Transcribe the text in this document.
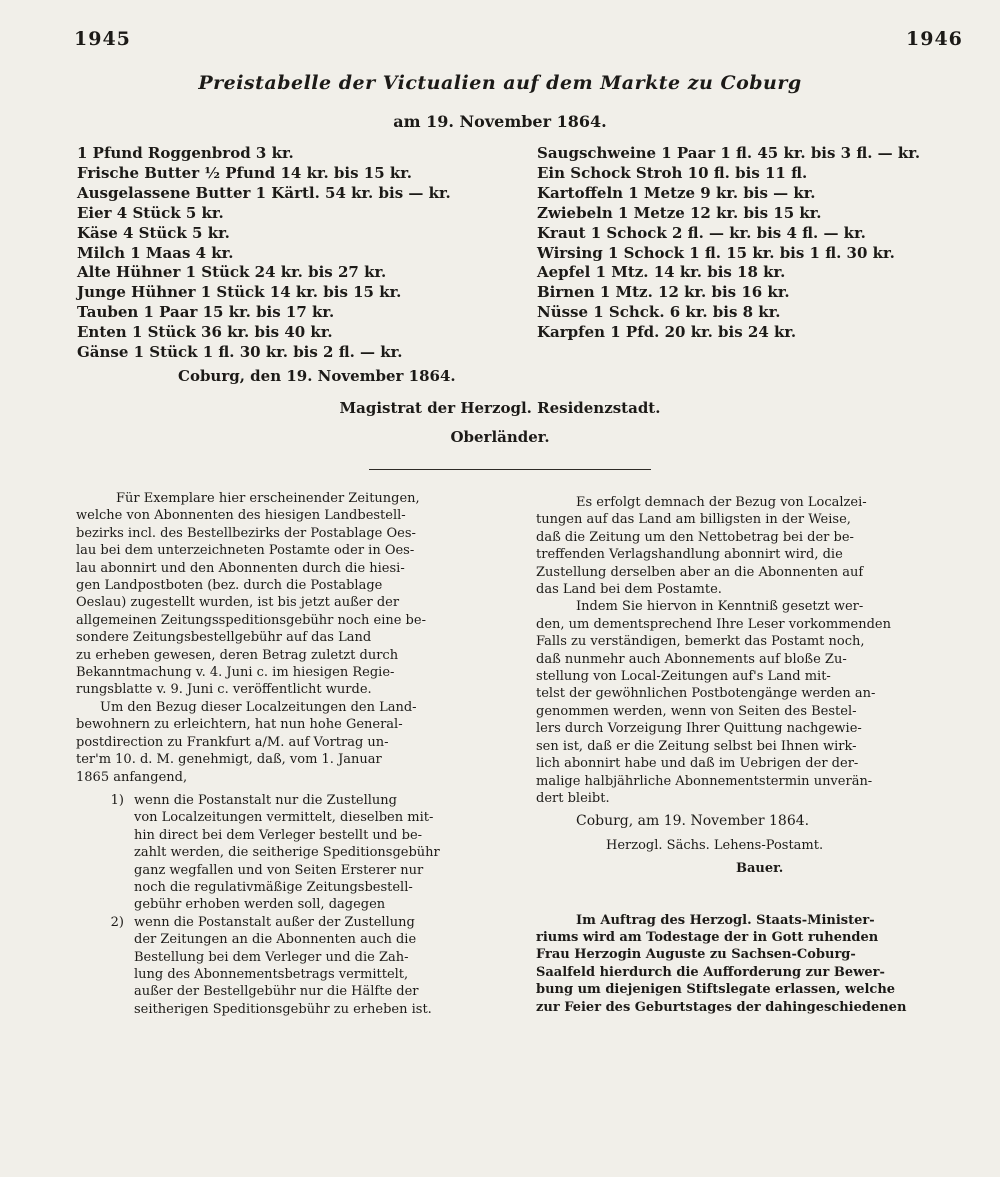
1945	1946
Preistabelle der Victualien auf dem Markte zu Coburg
am 19. November 1864.
1 Pfund Roggenbrod 3 kr.
Frische Butter ½ Pfund 14 kr. bis 15 kr.
Ausgelassene Butter 1 Kärtl. 54 kr. bis — kr.
Eier 4 Stück 5 kr.
Käse 4 Stück 5 kr.
Milch 1 Maas 4 kr.
Alte Hühner 1 Stück 24 kr. bis 27 kr.
Junge Hühner 1 Stück 14 kr. bis 15 kr.
Tauben 1 Paar 15 kr. bis 17 kr.
Enten 1 Stück 36 kr. bis 40 kr.
Gänse 1 Stück 1 fl. 30 kr. bis 2 fl. — kr.
Saugschweine 1 Paar 1 fl. 45 kr. bis 3 fl. — kr.
Ein Schock Stroh 10 fl. bis 11 fl.
Kartoffeln 1 Metze 9 kr. bis — kr.
Zwiebeln 1 Metze 12 kr. bis 15 kr.
Kraut 1 Schock 2 fl. — kr. bis 4 fl. — kr.
Wirsing 1 Schock 1 fl. 15 kr. bis 1 fl. 30 kr.
Aepfel 1 Mtz. 14 kr. bis 18 kr.
Birnen 1 Mtz. 12 kr. bis 16 kr.
Nüsse 1 Schck. 6 kr. bis 8 kr.
Karpfen 1 Pfd. 20 kr. bis 24 kr.
Coburg, den 19. November 1864.
Magistrat der Herzogl. Residenzstadt.
Oberländer.

Für Exemplare hier erscheinender Zeitungen,

welche von Abonnenten des hiesigen Landbestell-

bezirks incl. des Bestellbezirks der Postablage Oes-

lau bei dem unterzeichneten Postamte oder in Oes-

lau abonnirt und den Abonnenten durch die hiesi-

gen Landpostboten (bez. durch die Postablage

Oeslau) zugestellt wurden, ist bis jetzt außer der

allgemeinen Zeitungsspeditionsgebühr noch eine be-

sondere Zeitungsbestellgebühr auf das Land

zu erheben gewesen, deren Betrag zuletzt durch

Bekanntmachung v. 4. Juni c. im hiesigen Regie-

rungsblatte v. 9. Juni c. veröffentlicht wurde.

Um den Bezug dieser Localzeitungen den Land-

bewohnern zu erleichtern, hat nun hohe General-

postdirection zu Frankfurt a/M. auf Vortrag un-

ter'm 10. d. M. genehmigt, daß, vom 1. Januar

1865 anfangend,

1) wenn die Postanstalt nur die Zustellung

von Localzeitungen vermittelt, dieselben mit-

hin direct bei dem Verleger bestellt und be-

zahlt werden, die seitherige Speditionsgebühr

ganz wegfallen und von Seiten Ersterer nur

noch die regulativmäßige Zeitungsbestell-

gebühr erhoben werden soll, dagegen

2) wenn die Postanstalt außer der Zustellung

der Zeitungen an die Abonnenten auch die

Bestellung bei dem Verleger und die Zah-

lung des Abonnementsbetrags vermittelt,

außer der Bestellgebühr nur die Hälfte der

seitherigen Speditionsgebühr zu erheben ist.

Es erfolgt demnach der Bezug von Localzei-

tungen auf das Land am billigsten in der Weise,

daß die Zeitung um den Nettobetrag bei der be-

treffenden Verlagshandlung abonnirt wird, die

Zustellung derselben aber an die Abonnenten auf

das Land bei dem Postamte.

Indem Sie hiervon in Kenntniß gesetzt wer-

den, um dementsprechend Ihre Leser vorkommenden

Falls zu verständigen, bemerkt das Postamt noch,

daß nunmehr auch Abonnements auf bloße Zu-

stellung von Local-Zeitungen auf's Land mit-

telst der gewöhnlichen Postbotengänge werden an-

genommen werden, wenn von Seiten des Bestel-

lers durch Vorzeigung Ihrer Quittung nachgewie-

sen ist, daß er die Zeitung selbst bei Ihnen wirk-

lich abonnirt habe und daß im Uebrigen der der-

malige halbjährliche Abonnementstermin unverän-

dert bleibt.

Coburg, am 19. November 1864.

Herzogl. Sächs. Lehens-Postamt.

Bauer.

Im Auftrag des Herzogl. Staats-Minister-

riums wird am Todestage der in Gott ruhenden

Frau Herzogin Auguste zu Sachsen-Coburg-

Saalfeld hierdurch die Aufforderung zur Bewer-

bung um diejenigen Stiftslegate erlassen, welche

zur Feier des Geburtstages der dahingeschiedenen
